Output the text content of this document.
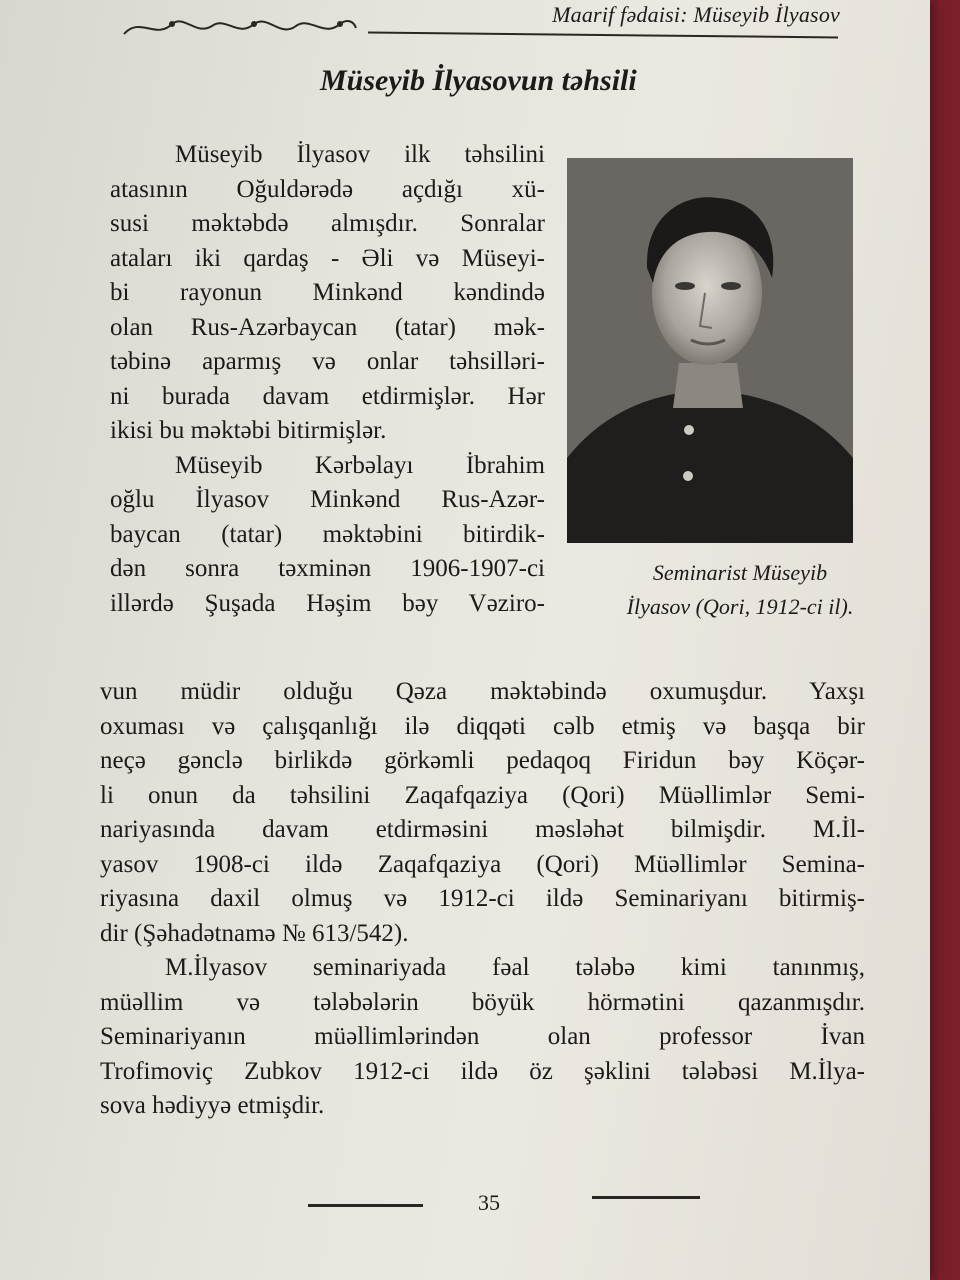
Maarif fədaisi: Müseyib İlyasov
Müseyib İlyasovun təhsili
Müseyib İlyasov ilk təhsilini
atasının Oğuldərədə açdığı xü-
susi məktəbdə almışdır. Sonralar
ataları iki qardaş - Əli və Müseyi-
bi rayonun Minkənd kəndində
olan Rus-Azərbaycan (tatar) mək-
təbinə aparmış və onlar təhsilləri-
ni burada davam etdirmişlər. Hər
ikisi bu məktəbi bitirmişlər.
Müseyib Kərbəlayı İbrahim
oğlu İlyasov Minkənd Rus-Azər-
baycan (tatar) məktəbini bitirdik-
dən sonra təxminən 1906-1907-ci
illərdə Şuşada Həşim bəy Vəziro-
Seminarist Müseyib
İlyasov (Qori, 1912-ci il).
vun müdir olduğu Qəza məktəbində oxumuşdur. Yaxşı
oxuması və çalışqanlığı ilə diqqəti cəlb etmiş və başqa bir
neçə gənclə birlikdə görkəmli pedaqoq Firidun bəy Köçər-
li onun da təhsilini Zaqafqaziya (Qori) Müəllimlər Semi-
nariyasında davam etdirməsini məsləhət bilmişdir. M.İl-
yasov 1908-ci ildə Zaqafqaziya (Qori) Müəllimlər Semina-
riyasına daxil olmuş və 1912-ci ildə Seminariyanı bitirmiş-
dir (Şəhadətnamə № 613/542).
M.İlyasov seminariyada fəal tələbə kimi tanınmış,
müəllim və tələbələrin böyük hörmətini qazanmışdır.
Seminariyanın müəllimlərindən olan professor İvan
Trofimoviç Zubkov 1912-ci ildə öz şəklini tələbəsi M.İlya-
sova hədiyyə etmişdir.
35
